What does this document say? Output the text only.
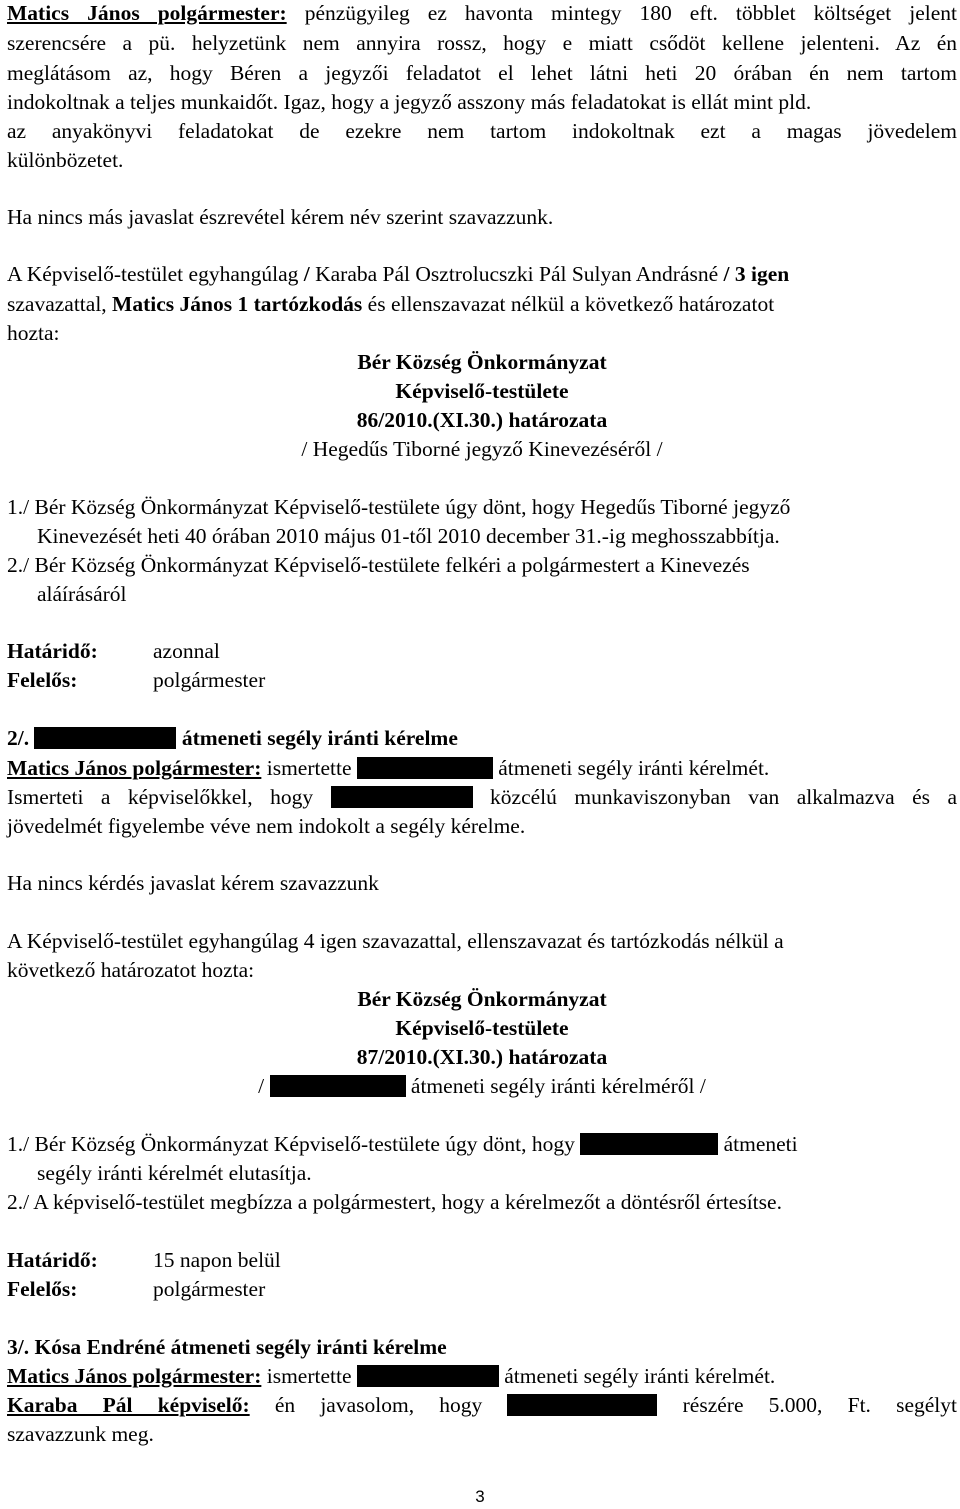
Matics János polgármester: pénzügyileg ez havonta mintegy 180 eft. többlet költséget jelent
szerencsére a pü. helyzetünk nem annyira rossz, hogy e miatt csődöt kellene jelenteni. Az én
meglátásom az, hogy Béren a jegyzői feladatot el lehet látni heti 20 órában én nem tartom
indokoltnak a teljes munkaidőt. Igaz, hogy a jegyző asszony más feladatokat is ellát mint pld.
az anyakönyvi feladatokat de ezekre nem tartom indokoltnak ezt a magas jövedelem
különbözetet.
Ha nincs más javaslat észrevétel kérem név szerint szavazzunk.
A Képviselő-testület egyhangúlag / Karaba Pál Osztrolucszki Pál Sulyan Andrásné / 3 igen
szavazattal, Matics János 1 tartózkodás és ellenszavazat nélkül a következő határozatot
hozta:
Bér Község Önkormányzat
Képviselő-testülete
86/2010.(XI.30.) határozata
/ Hegedűs Tiborné jegyző Kinevezéséről /
1./ Bér Község Önkormányzat Képviselő-testülete úgy dönt, hogy Hegedűs Tiborné jegyző
Kinevezését heti 40 órában 2010 május 01-től 2010 december 31.-ig meghosszabbítja.
2./ Bér Község Önkormányzat Képviselő-testülete felkéri a polgármestert a Kinevezés
aláírásáról
Határidő:	azonnal
Felelős:	polgármester
2/.	átmeneti segély iránti kérelme
Matics János polgármester: ismertette	átmeneti segély iránti kérelmét.
Ismerteti a képviselőkkel, hogy	közcélú munkaviszonyban van alkalmazva és a
jövedelmét figyelembe véve nem indokolt a segély kérelme.
Ha nincs kérdés javaslat kérem szavazzunk
A Képviselő-testület egyhangúlag 4 igen szavazattal, ellenszavazat és tartózkodás nélkül a
következő határozatot hozta:
Bér Község Önkormányzat
Képviselő-testülete
87/2010.(XI.30.) határozata
/	átmeneti segély iránti kérelméről /
1./ Bér Község Önkormányzat Képviselő-testülete úgy dönt, hogy	átmeneti
segély iránti kérelmét elutasítja.
2./ A képviselő-testület megbízza a polgármestert, hogy a kérelmezőt a döntésről értesítse.
Határidő:	15 napon belül
Felelős:	polgármester
3/. Kósa Endréné átmeneti segély iránti kérelme
Matics János polgármester: ismertette	átmeneti segély iránti kérelmét.
Karaba Pál képviselő: én javasolom, hogy	részére 5.000, Ft. segélyt
szavazzunk meg.
3
